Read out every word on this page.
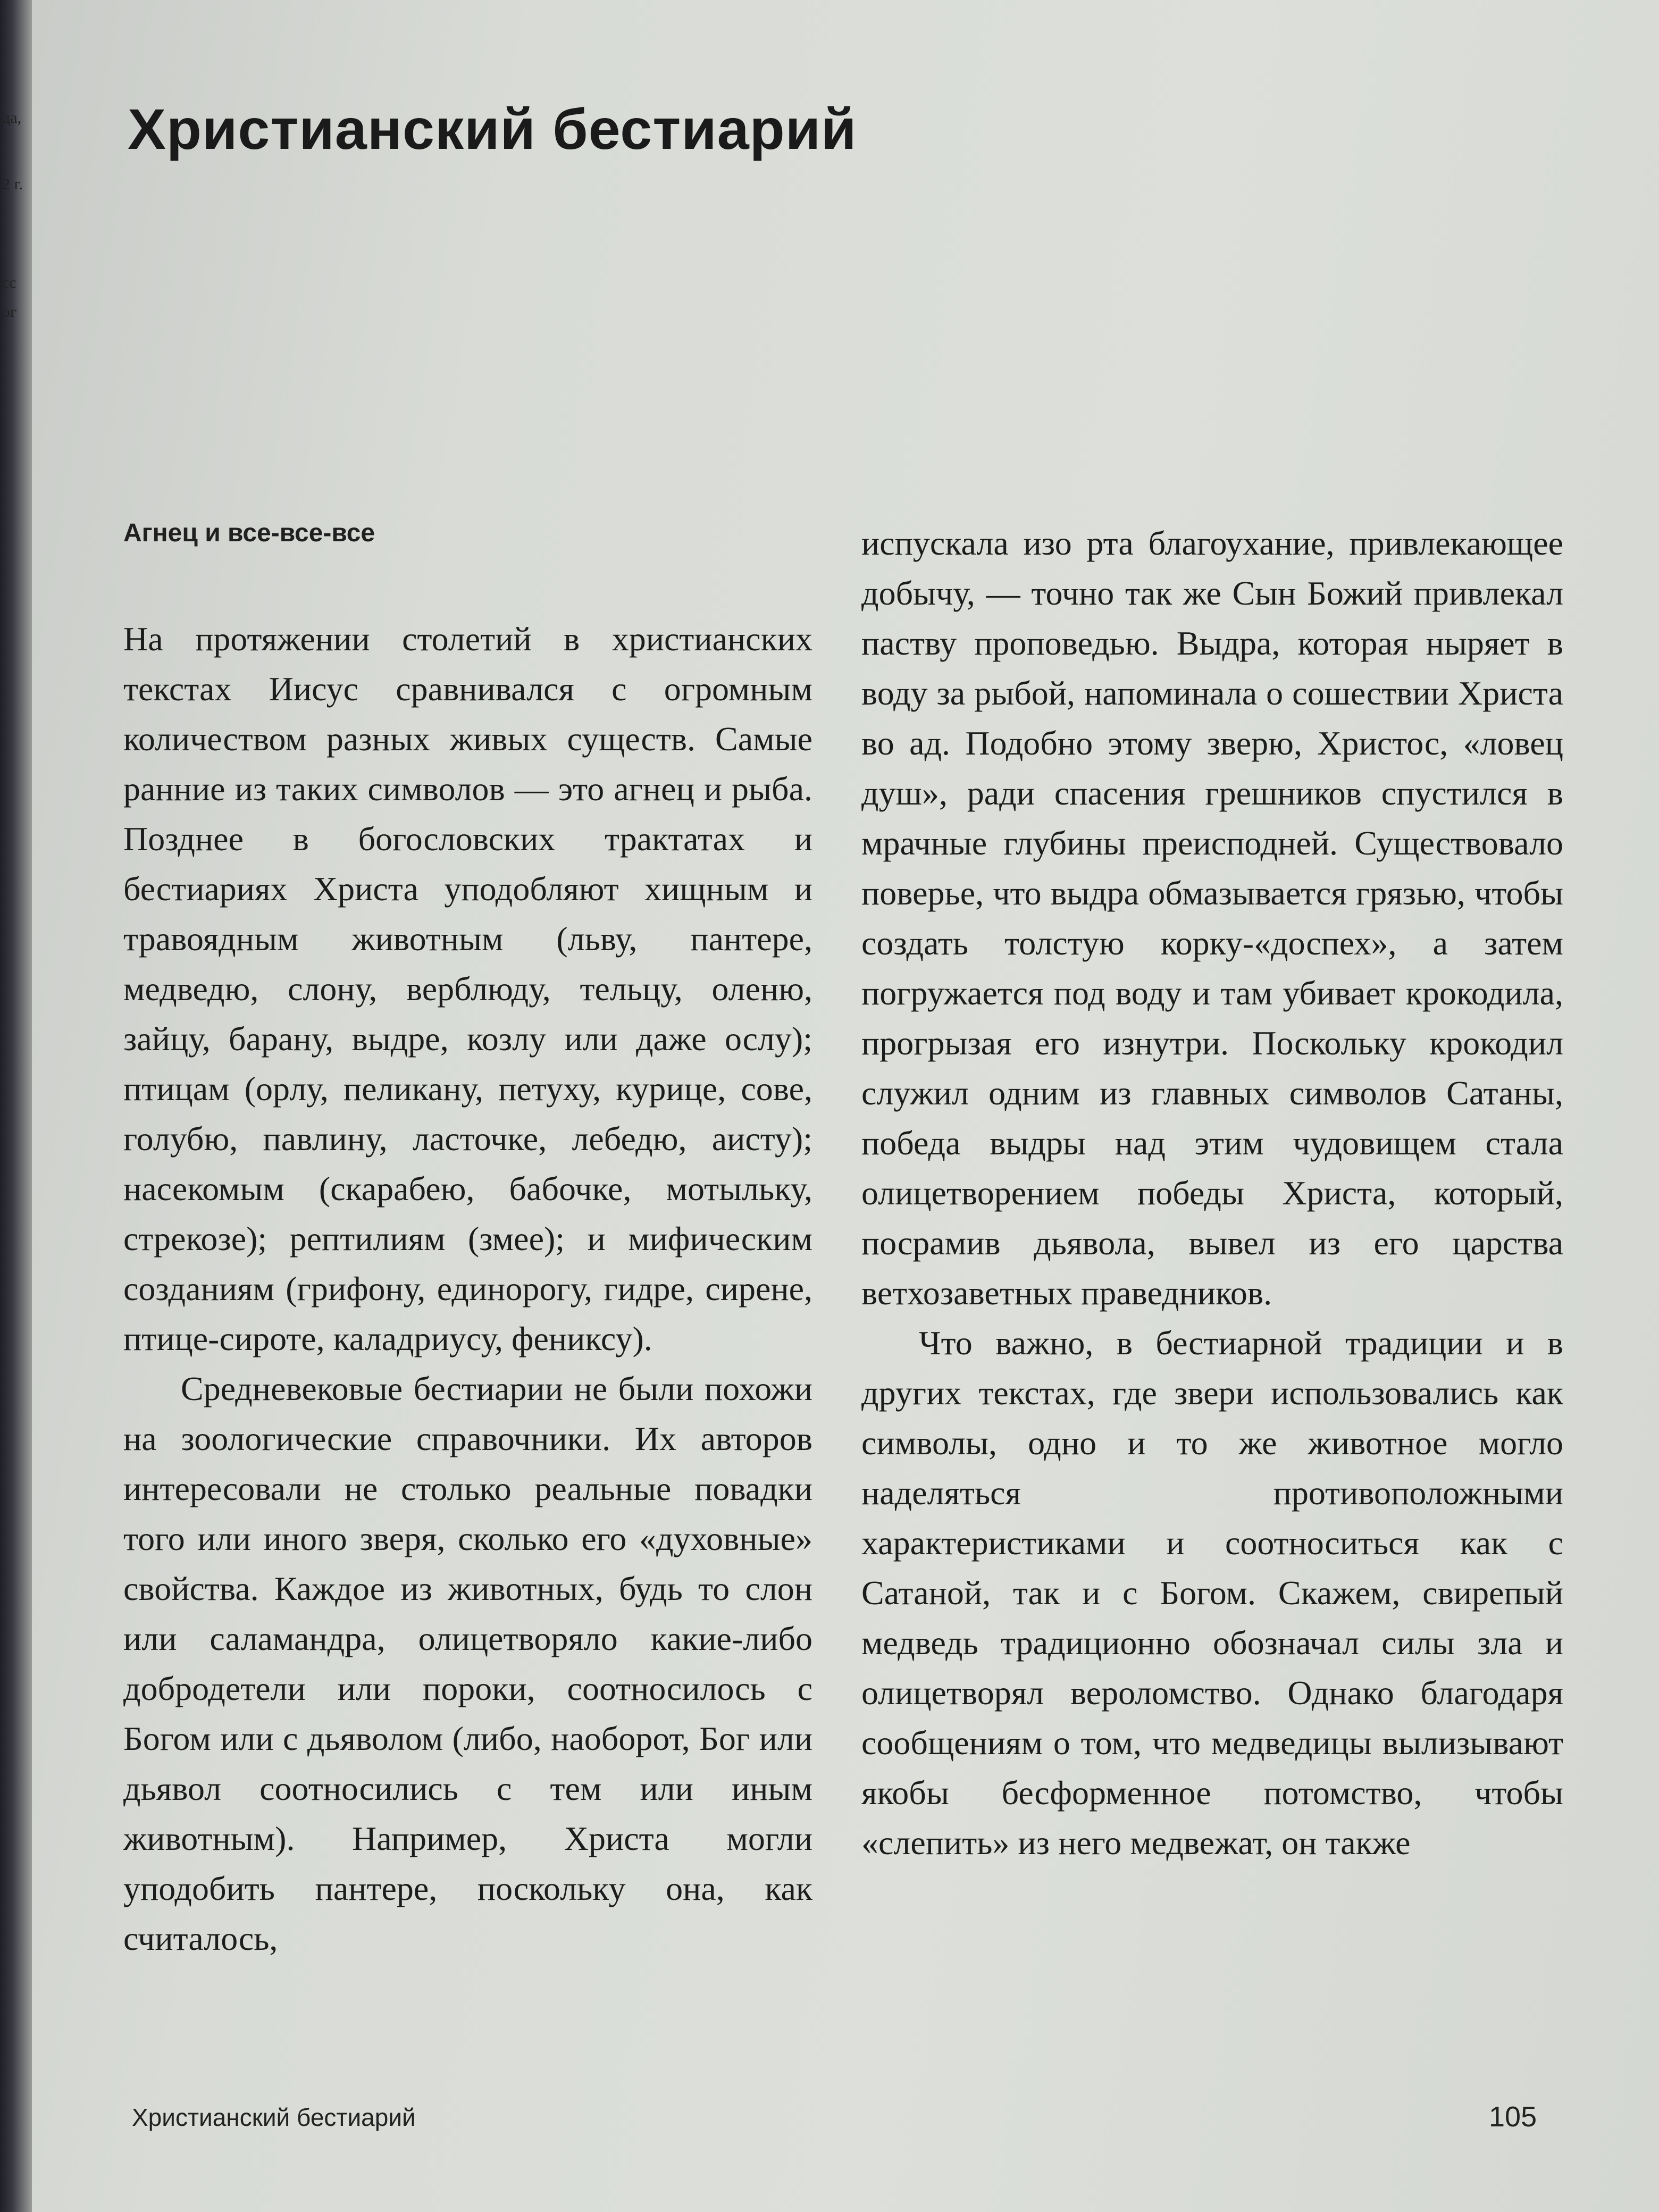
да,
2 г.
сс
ог
Христианский бестиарий
Агнец и все-все-все

На протяжении столетий в христианских текстах Иисус сравнивался с огромным количеством разных живых существ. Самые ранние из таких символов — это агнец и рыба. Позднее в богословских трактатах и бестиариях Христа уподобляют хищным и травоядным животным (льву, пантере, медведю, слону, верблюду, тельцу, оленю, зайцу, барану, выдре, козлу или даже ослу); птицам (орлу, пеликану, петуху, курице, сове, голубю, павлину, ласточке, лебедю, аисту); насекомым (скарабею, бабочке, мотыльку, стрекозе); рептилиям (змее); и мифическим созданиям (грифону, единорогу, гидре, сирене, птице-сироте, каладриусу, фениксу).

Средневековые бестиарии не были похожи на зоологические справочники. Их авторов интересовали не столько реальные повадки того или иного зверя, сколько его «духовные» свойства. Каждое из животных, будь то слон или саламандра, олицетворяло какие-либо добродетели или пороки, соотносилось с Богом или с дьяволом (либо, наоборот, Бог или дьявол соотносились с тем или иным животным). Например, Христа могли уподобить пантере, поскольку она, как считалось,

испускала изо рта благоухание, привлекающее добычу, — точно так же Сын Божий привлекал паству проповедью. Выдра, которая ныряет в воду за рыбой, напоминала о сошествии Христа во ад. Подобно этому зверю, Христос, «ловец душ», ради спасения грешников спустился в мрачные глубины преисподней. Существовало поверье, что выдра обмазывается грязью, чтобы создать толстую корку-«доспех», а затем погружается под воду и там убивает крокодила, прогрызая его изнутри. Поскольку крокодил служил одним из главных символов Сатаны, победа выдры над этим чудовищем стала олицетворением победы Христа, который, посрамив дьявола, вывел из его царства ветхозаветных праведников.

Что важно, в бестиарной традиции и в других текстах, где звери использовались как символы, одно и то же животное могло наделяться противоположными характеристиками и соотноситься как с Сатаной, так и с Богом. Скажем, свирепый медведь традиционно обозначал силы зла и олицетворял вероломство. Однако благодаря сообщениям о том, что медведицы вылизывают якобы бесформенное потомство, чтобы «слепить» из него медвежат, он также

Христианский бестиарий	105
